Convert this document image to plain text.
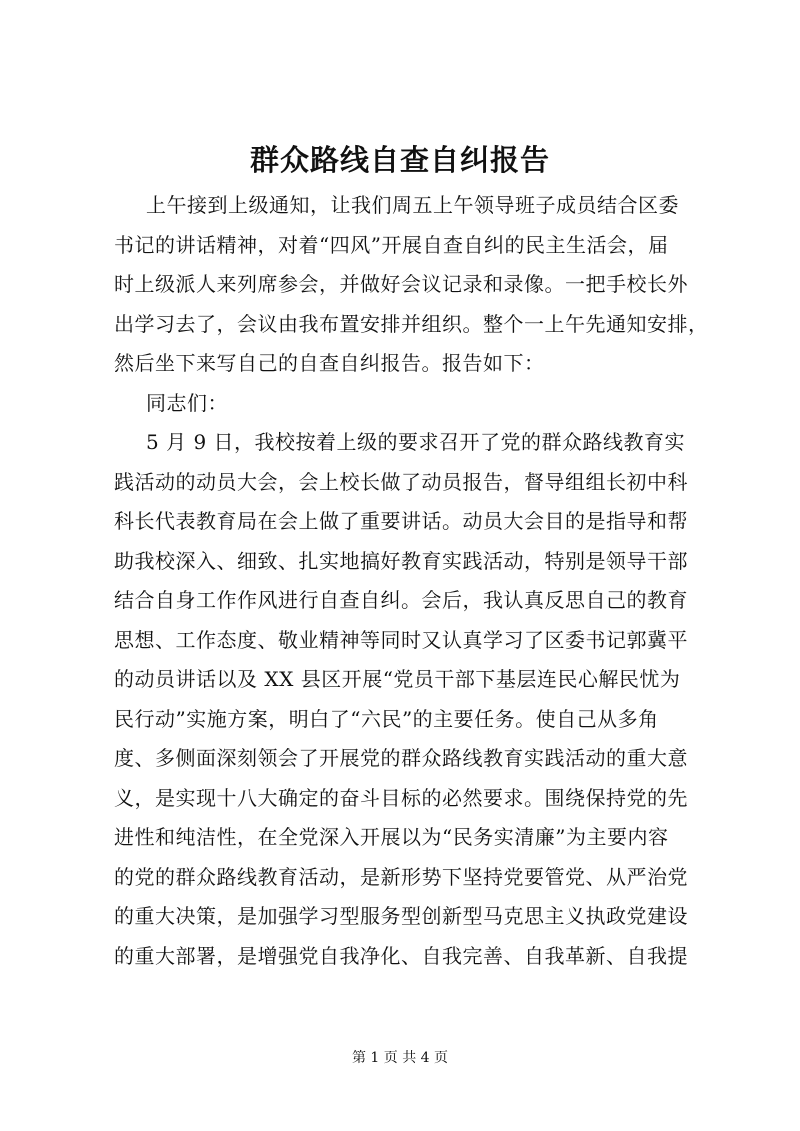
群众路线自查自纠报告
上午接到上级通知，让我们周五上午领导班子成员结合区委
书记的讲话精神，对着“四风”开展自查自纠的民主生活会，届
时上级派人来列席参会，并做好会议记录和录像。一把手校长外
出学习去了，会议由我布置安排并组织。整个一上午先通知安排，
然后坐下来写自己的自查自纠报告。报告如下：
同志们：
5 月 9 日，我校按着上级的要求召开了党的群众路线教育实
践活动的动员大会，会上校长做了动员报告，督导组组长初中科
科长代表教育局在会上做了重要讲话。动员大会目的是指导和帮
助我校深入、细致、扎实地搞好教育实践活动，特别是领导干部
结合自身工作作风进行自查自纠。会后，我认真反思自己的教育
思想、工作态度、敬业精神等同时又认真学习了区委书记郭冀平
的动员讲话以及 XX 县区开展“党员干部下基层连民心解民忧为
民行动”实施方案，明白了“六民”的主要任务。使自己从多角
度、多侧面深刻领会了开展党的群众路线教育实践活动的重大意
义，是实现十八大确定的奋斗目标的必然要求。围绕保持党的先
进性和纯洁性，在全党深入开展以为“民务实清廉”为主要内容
的党的群众路线教育活动，是新形势下坚持党要管党、从严治党
的重大决策，是加强学习型服务型创新型马克思主义执政党建设
的重大部署，是增强党自我净化、自我完善、自我革新、自我提
第 1 页 共 4 页
